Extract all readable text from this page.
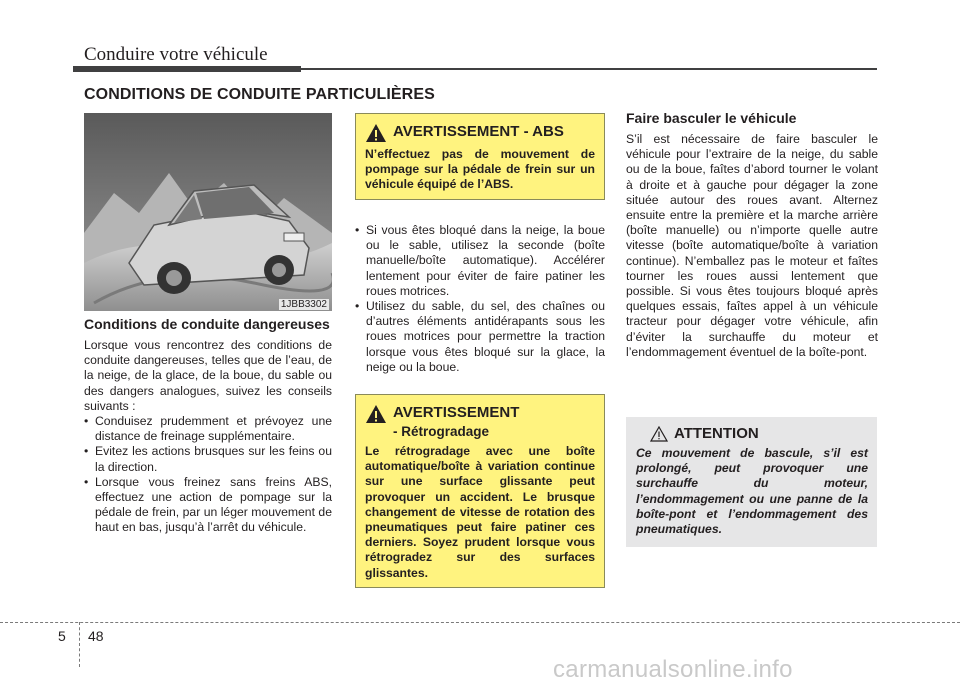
Conduire votre véhicule
CONDITIONS DE CONDUITE PARTICULIÈRES
1JBB3302
Conditions de conduite dangereuses

Lorsque vous rencontrez des conditions de conduite dangereuses, telles que de l’eau, de la neige, de la glace, de la boue, du sable ou des dangers analogues, suivez les conseils suivants :

• Conduisez prudemment et prévoyez une distance de freinage supplémentaire.
• Evitez les actions brusques sur les feins ou la direction.
• Lorsque vous freinez sans freins ABS, effectuez une action de pompage sur la pédale de frein, par un léger mouvement de haut en bas, jusqu’à l’arrêt du véhicule.
AVERTISSEMENT - ABS
N’effectuez pas de mouvement de pompage sur la pédale de frein sur un véhicule équipé de l’ABS.
• Si vous êtes bloqué dans la neige, la boue ou le sable, utilisez la seconde (boîte manuelle/boîte automatique). Accélérer lentement pour éviter de faire patiner les roues motrices.
• Utilisez du sable, du sel, des chaînes ou d’autres éléments antidérapants sous les roues motrices pour permettre la traction lorsque vous êtes bloqué sur la glace, la neige ou la boue.
AVERTISSEMENT
- Rétrogradage
Le rétrogradage avec une boîte automatique/boîte à variation continue sur une surface glissante peut provoquer un accident. Le brusque changement de vitesse de rotation des pneumatiques peut faire patiner ces derniers. Soyez prudent lorsque vous rétrogradez sur des surfaces glissantes.
Faire basculer le véhicule

S’il est nécessaire de faire basculer le véhicule pour l’extraire de la neige, du sable ou de la boue, faîtes d’abord tourner le volant à droite et à gauche pour dégager la zone située autour des roues avant. Alternez ensuite entre la première et la marche arrière (boîte manuelle) ou n’importe quelle autre vitesse (boîte automatique/boîte à variation continue). N’emballez pas le moteur et faîtes tourner les roues aussi lentement que possible. Si vous êtes toujours bloqué après quelques essais, faîtes appel à un véhicule tracteur pour dégager votre véhicule, afin d’éviter la surchauffe du moteur et l’endommagement éventuel de la boîte-pont.

ATTENTION
Ce mouvement de bascule, s’il est prolongé, peut provoquer une surchauffe du moteur, l’endommagement ou une panne de la boîte-pont et l’endommagement des pneumatiques.
5 48
carmanualsonline.info
